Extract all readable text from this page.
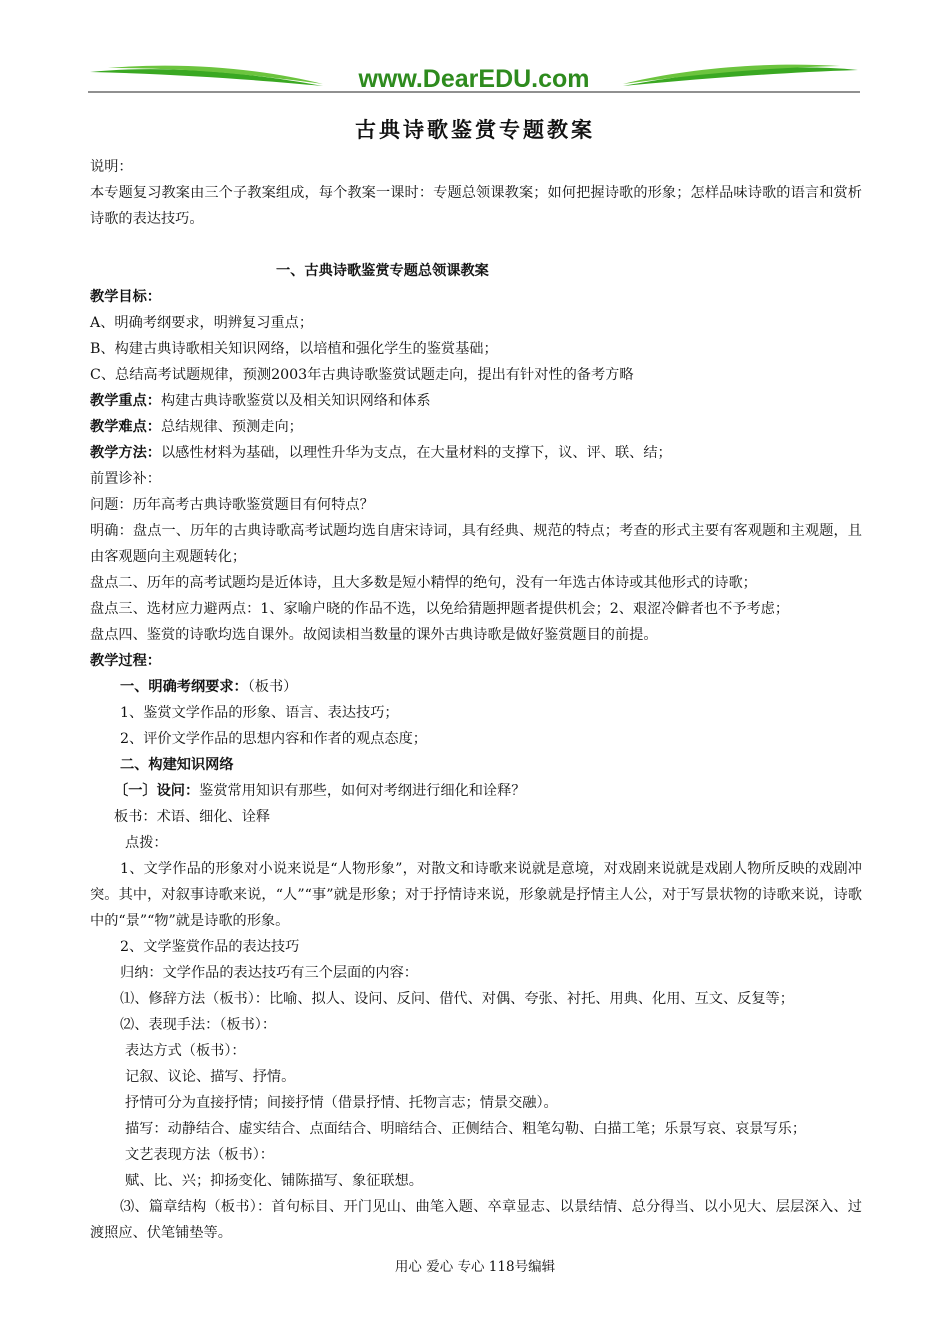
www.DearEDU.com
古典诗歌鉴赏专题教案

说明：

本专题复习教案由三个子教案组成，每个教案一课时：专题总领课教案；如何把握诗歌的形象；怎样品味诗歌的语言和赏析诗歌的表达技巧。

一、古典诗歌鉴赏专题总领课教案

教学目标：

A、明确考纲要求，明辨复习重点；

B、构建古典诗歌相关知识网络，以培植和强化学生的鉴赏基础；

C、总结高考试题规律，预测2003年古典诗歌鉴赏试题走向，提出有针对性的备考方略

教学重点：构建古典诗歌鉴赏以及相关知识网络和体系

教学难点：总结规律、预测走向；

教学方法：以感性材料为基础，以理性升华为支点，在大量材料的支撑下，议、评、联、结；

前置诊补：

问题：历年高考古典诗歌鉴赏题目有何特点？

明确：盘点一、历年的古典诗歌高考试题均选自唐宋诗词，具有经典、规范的特点；考查的形式主要有客观题和主观题，且由客观题向主观题转化；

盘点二、历年的高考试题均是近体诗，且大多数是短小精悍的绝句，没有一年选古体诗或其他形式的诗歌；

盘点三、选材应力避两点：1、家喻户晓的作品不选，以免给猜题押题者提供机会；2、艰涩冷僻者也不予考虑；

盘点四、鉴赏的诗歌均选自课外。故阅读相当数量的课外古典诗歌是做好鉴赏题目的前提。

教学过程：

一、明确考纲要求：（板书）

1、鉴赏文学作品的形象、语言、表达技巧；

2、评价文学作品的思想内容和作者的观点态度；

二、构建知识网络

〔一〕设问：鉴赏常用知识有那些，如何对考纲进行细化和诠释？

板书：术语、细化、诠释

点拨：

1、文学作品的形象对小说来说是“人物形象”，对散文和诗歌来说就是意境，对戏剧来说就是戏剧人物所反映的戏剧冲突。其中，对叙事诗歌来说，“人”“事”就是形象；对于抒情诗来说，形象就是抒情主人公，对于写景状物的诗歌来说，诗歌中的“景”“物”就是诗歌的形象。

2、文学鉴赏作品的表达技巧

归纳：文学作品的表达技巧有三个层面的内容：

⑴、修辞方法（板书）：比喻、拟人、设问、反问、借代、对偶、夸张、衬托、用典、化用、互文、反复等；

⑵、表现手法：（板书）：

表达方式（板书）：

记叙、议论、描写、抒情。

抒情可分为直接抒情；间接抒情（借景抒情、托物言志；情景交融）。

描写：动静结合、虚实结合、点面结合、明暗结合、正侧结合、粗笔勾勒、白描工笔；乐景写哀、哀景写乐；

文艺表现方法（板书）：

赋、比、兴；抑扬变化、铺陈描写、象征联想。

⑶、篇章结构（板书）：首句标目、开门见山、曲笔入题、卒章显志、以景结情、总分得当、以小见大、层层深入、过渡照应、伏笔铺垫等。

用心 爱心 专心 118号编辑
